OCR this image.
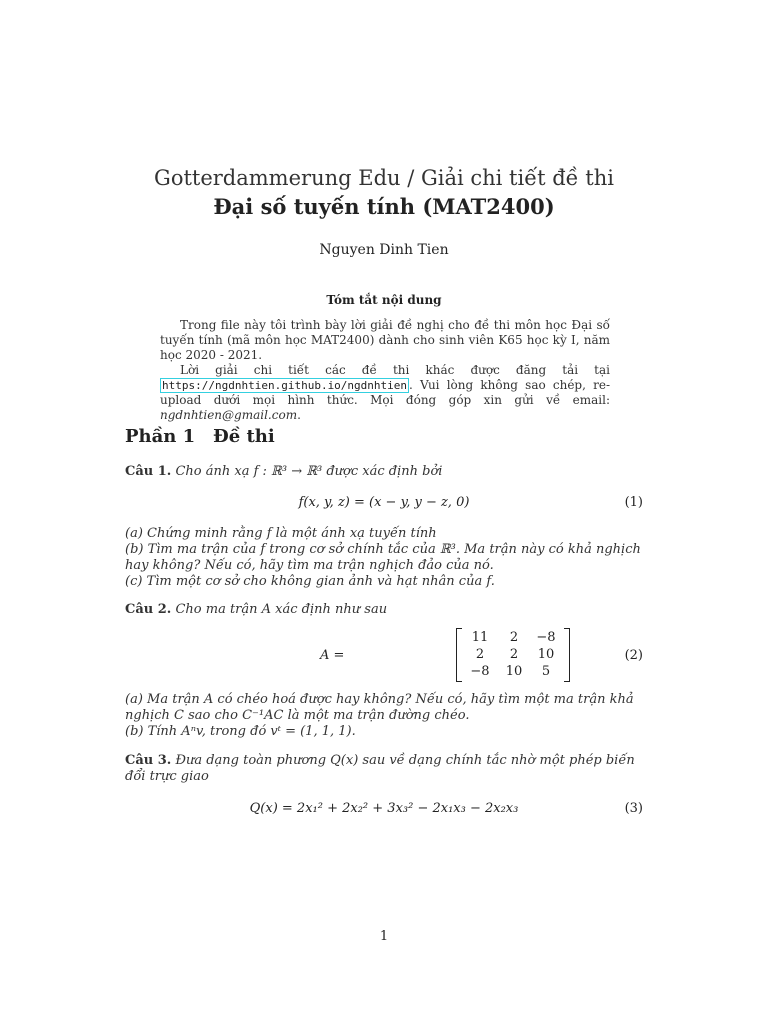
Gotterdammerung Edu / Giải chi tiết đề thi
Đại số tuyến tính (MAT2400)
Nguyen Dinh Tien
Tóm tắt nội dung
Trong file này tôi trình bày lời giải đề nghị cho đề thi môn học Đại số tuyến tính (mã môn học MAT2400) dành cho sinh viên K65 học kỳ I, năm học 2020 - 2021.
Lời giải chi tiết các đề thi khác được đăng tải tại https://ngdnhtien.github.io/ngdnhtien . Vui lòng không sao chép, re-upload dưới mọi hình thức. Mọi đóng góp xin gửi về email: ngdnhtien@gmail.com.
Phần 1 Đề thi
Câu 1. Cho ánh xạ f : ℝ³ → ℝ³ được xác định bởi
f(x, y, z) = (x − y, y − z, 0)	(1)
(a) Chứng minh rằng f là một ánh xạ tuyến tính
(b) Tìm ma trận của f trong cơ sở chính tắc của ℝ³. Ma trận này có khả nghịch hay không? Nếu có, hãy tìm ma trận nghịch đảo của nó.
(c) Tìm một cơ sở cho không gian ảnh và hạt nhân của f.
Câu 2. Cho ma trận A xác định như sau
A =
11	2	−8
2	2	10
−8	10	5
(2)
(a) Ma trận A có chéo hoá được hay không? Nếu có, hãy tìm một ma trận khả nghịch C sao cho C⁻¹AC là một ma trận đường chéo.
(b) Tính Aⁿv, trong đó vᵗ = (1, 1, 1).
Câu 3. Đưa dạng toàn phương Q(x) sau về dạng chính tắc nhờ một phép biến đổi trực giao
Q(x) = 2x₁² + 2x₂² + 3x₃² − 2x₁x₃ − 2x₂x₃	(3)
1
